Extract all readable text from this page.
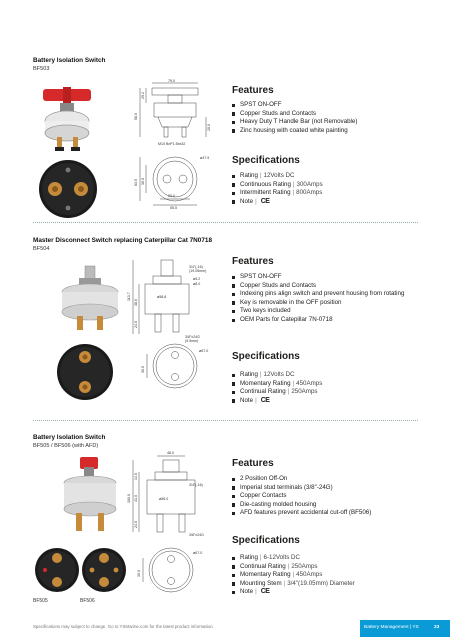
Battery Isolation Switch
BF503
79.0
58.0
29.2
20.0
M10 BxP1.5bx32
ø47.9
63.5 30.0
20.0
55.5
Features
SPST ON-OFF
Copper Studs and Contacts
Heavy Duty T Handle Bar (not Removable)
Zinc housing with coated white painting
Specifications
Rating | 12Volts DC
Continuous Rating | 300Amps
Intermittent Rating | 800Amps
Note | CE
Master Disconnect Switch replacing Caterpillar Cat 7N0718
BF504
3/4"(-16)
(19.05mm)
ø5.2
ø8.0
ø58.8
3/8"x24G
(9.5mm)
113.7
38.0
24.0
ø67.0
30.0
Features
SPST ON-OFF
Copper Studs and Contacts
Indexing pins align switch and prevent housing from rotating
Key is removable in the OFF position
Two keys included
OEM Parts for Catepillar 7N-0718
Specifications
Rating | 12Volts DC
Momentary Rating | 450Amps
Continual Rating | 250Amps
Note | CE
Battery Isolation Switch
BF505 / BF506 (with AFD)
BF505	BF506
48.0
3/4"(-16)
ø56.0
3/8"x24G
100.0
14.0
41.0
24.0
ø67.0
30.0
Features
2 Position Off-On
Imperial stud terminals (3/8"-24G)
Copper Contacts
Die-casting molded housing
AFD features prevent accidental cut-off (BF506)
Specifications
Rating | 6-12Volts DC
Continual Rating | 250Amps
Momentary Rating | 450Amps
Mounting Stem | 3/4"(19.05mm) Diameter
Note | CE
Specifications may subject to change. Go to YSMarine.com for the latest product information.	Battery Management | YS	23
